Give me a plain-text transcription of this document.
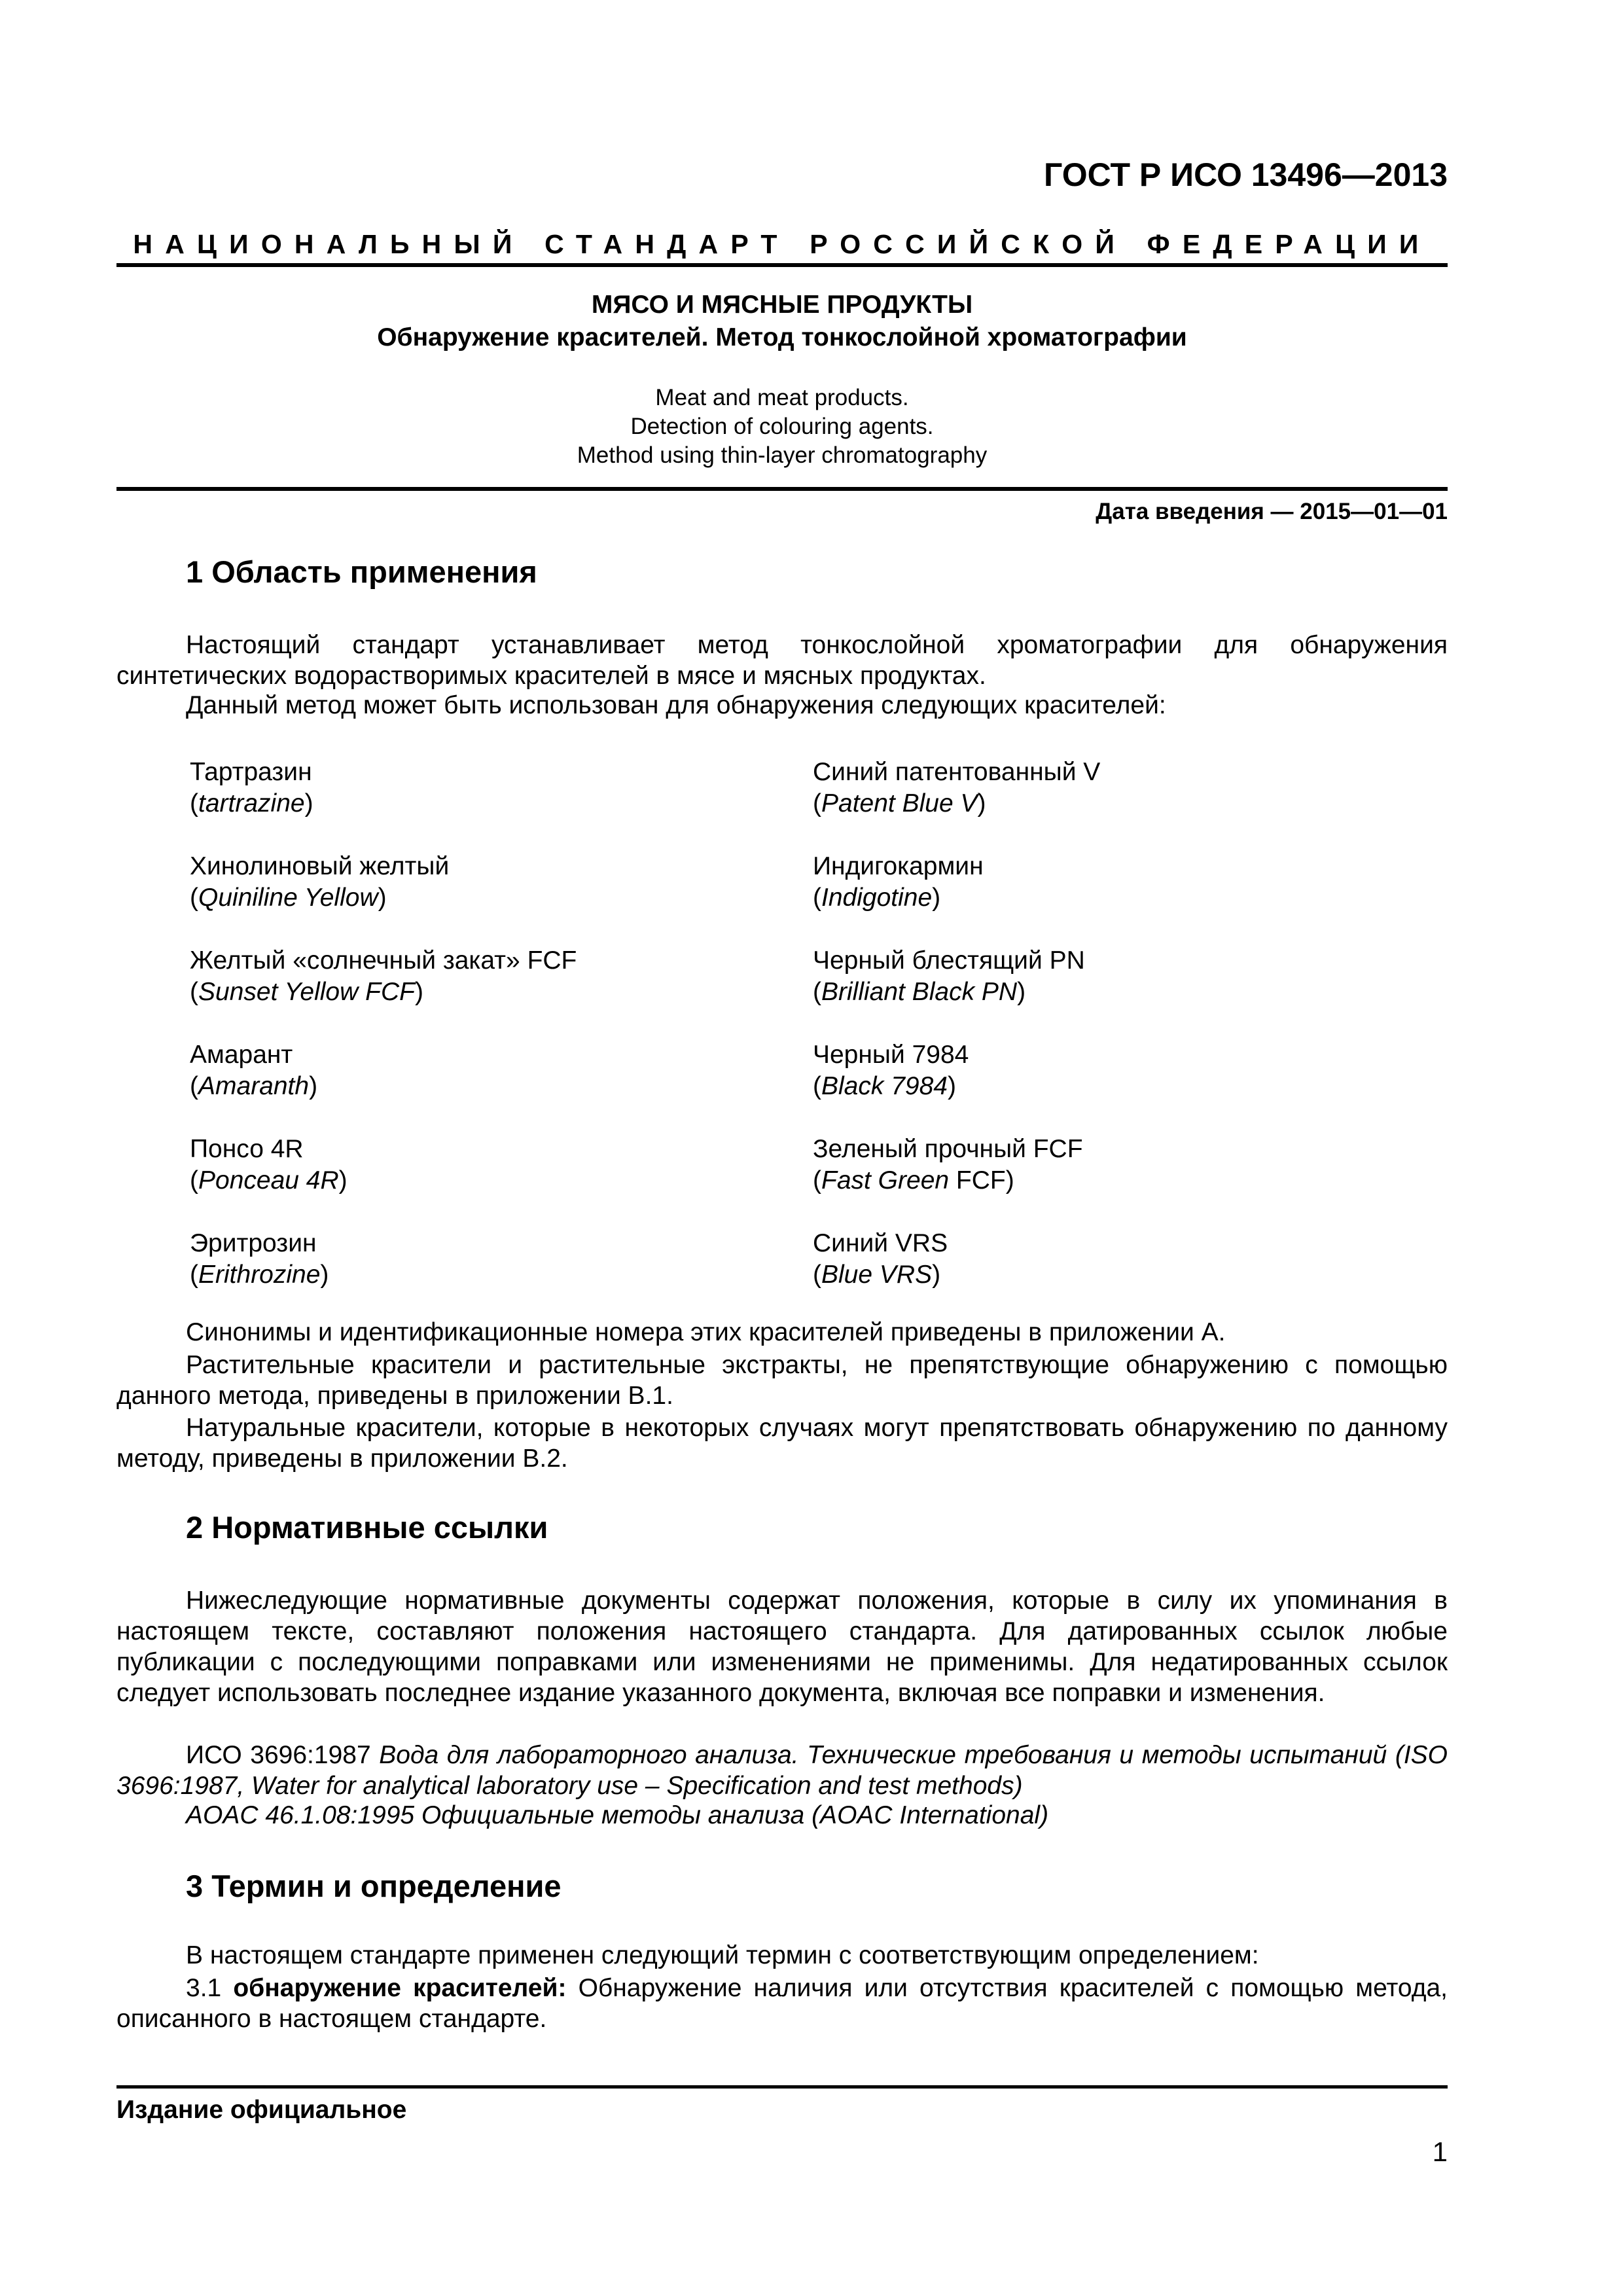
ГОСТ Р ИСО 13496—2013
НАЦИОНАЛЬНЫЙ СТАНДАРТ РОССИЙСКОЙ ФЕДЕРАЦИИ
МЯСО И МЯСНЫЕ ПРОДУКТЫ
Обнаружение красителей. Метод тонкослойной хроматографии
Meat and meat products.
Detection of colouring agents.
Method using thin-layer chromatography
Дата введения — 2015—01—01
1 Область применения
Настоящий стандарт устанавливает метод тонкослойной хроматографии для обнаружения синтетических водорастворимых красителей в мясе и мясных продуктах.
Данный метод может быть использован для обнаружения следующих красителей:
Тартразин
(tartrazine)
Хинолиновый желтый
(Quiniline Yellow)
Желтый «солнечный закат» FCF
(Sunset Yellow FCF)
Амарант
(Amaranth)
Понсо 4R
(Ponceau 4R)
Эритрозин
(Erithrozine)
Синий патентованный V
(Patent Blue V)
Индигокармин
(Indigotine)
Черный блестящий PN
(Brilliant Black PN)
Черный 7984
(Black 7984)
Зеленый прочный FCF
(Fast Green FCF)
Синий VRS
(Blue VRS)
Синонимы и идентификационные номера этих красителей приведены в приложении А.
Растительные красители и растительные экстракты, не препятствующие обнаружению с помощью данного метода, приведены в приложении В.1.
Натуральные красители, которые в некоторых случаях могут препятствовать обнаружению по данному методу, приведены в приложении В.2.
2 Нормативные ссылки
Нижеследующие нормативные документы содержат положения, которые в силу их упоминания в настоящем тексте, составляют положения настоящего стандарта. Для датированных ссылок любые публикации с последующими поправками или изменениями не применимы. Для недатированных ссылок следует использовать последнее издание указанного документа, включая все поправки и изменения.
ИСО 3696:1987 Вода для лабораторного анализа. Технические требования и методы испытаний (ISO 3696:1987, Water for analytical laboratory use – Specification and test methods)
AOAC 46.1.08:1995 Официальные методы анализа (AOAC International)
3 Термин и определение
В настоящем стандарте применен следующий термин с соответствующим определением:
3.1 обнаружение красителей: Обнаружение наличия или отсутствия красителей с помощью метода, описанного в настоящем стандарте.
Издание официальное
1
